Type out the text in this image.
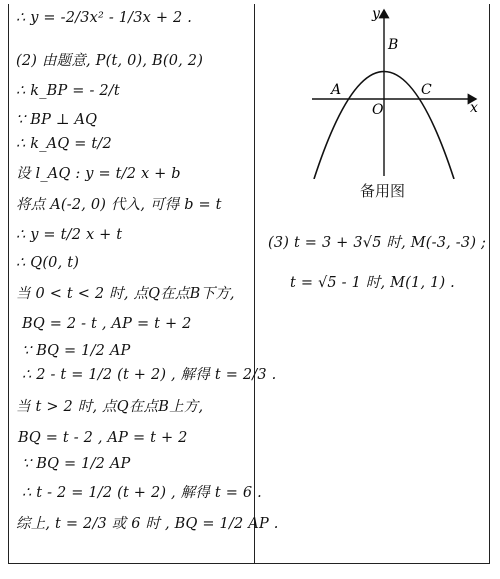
∴ y = -2/3x² - 1/3x + 2 .
(2) 由题意, P(t, 0), B(0, 2)
∴ k_BP = - 2/t
∵ BP ⊥ AQ
∴ k_AQ = t/2
设 l_AQ : y = t/2 x + b
将点 A(-2, 0) 代入, 可得 b = t
∴ y = t/2 x + t
∴ Q(0, t)
当 0 < t < 2 时, 点Q在点B下方,
BQ = 2 - t , AP = t + 2
∵ BQ = 1/2 AP
∴ 2 - t = 1/2 (t + 2) , 解得 t = 2/3 .
当 t > 2 时, 点Q在点B上方,
BQ = t - 2 , AP = t + 2
∵ BQ = 1/2 AP
∴ t - 2 = 1/2 (t + 2) , 解得 t = 6 .
综上, t = 2/3 或 6 时 , BQ = 1/2 AP .
y
x
B
A	C
O
备用图
(3) t = 3 + 3√5 时, M(-3, -3) ;
t = √5 - 1 时, M(1, 1) .
